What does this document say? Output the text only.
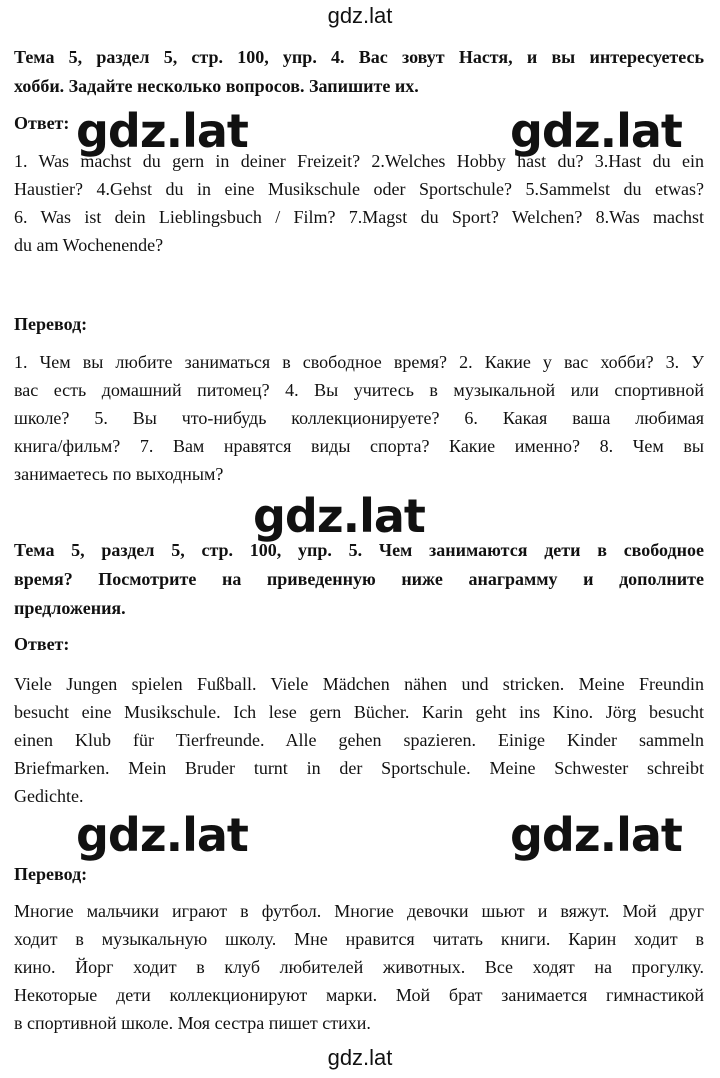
gdz.lat
Тема 5, раздел 5, стр. 100, упр. 4. Вас зовут Настя, и вы интересуетесь
хобби. Задайте несколько вопросов. Запишите их.
Ответ: gdz.lat	gdz.lat
1. Was machst du gern in deiner Freizeit? 2.Welches Hobby hast du? 3.Hast du ein
Haustier? 4.Gehst du in eine Musikschule oder Sportschule? 5.Sammelst du etwas?
6. Was ist dein Lieblingsbuch / Film? 7.Magst du Sport? Welchen? 8.Was machst
du am Wochenende?
Перевод:
1. Чем вы любите заниматься в свободное время? 2. Какие у вас хобби? 3. У
вас есть домашний питомец? 4. Вы учитесь в музыкальной или спортивной
школе? 5. Вы что-нибудь коллекционируете? 6. Какая ваша любимая
книга/фильм? 7. Вам нравятся виды спорта? Какие именно? 8. Чем вы
занимаетесь по выходным?
gdz.lat
Тема 5, раздел 5, стр. 100, упр. 5. Чем занимаются дети в свободное
время? Посмотрите на приведенную ниже анаграмму и дополните
предложения.
Ответ:
Viele Jungen spielen Fußball. Viele Mädchen nähen und stricken. Meine Freundin
besucht eine Musikschule. Ich lese gern Bücher. Karin geht ins Kino. Jörg besucht
einen Klub für Tierfreunde. Alle gehen spazieren. Einige Kinder sammeln
Briefmarken. Mein Bruder turnt in der Sportschule. Meine Schwester schreibt
Gedichte.
gdz.lat	gdz.lat
Перевод:
Многие мальчики играют в футбол. Многие девочки шьют и вяжут. Мой друг
ходит в музыкальную школу. Мне нравится читать книги. Карин ходит в
кино. Йорг ходит в клуб любителей животных. Все ходят на прогулку.
Некоторые дети коллекционируют марки. Мой брат занимается гимнастикой
в спортивной школе. Моя сестра пишет стихи.
gdz.lat
